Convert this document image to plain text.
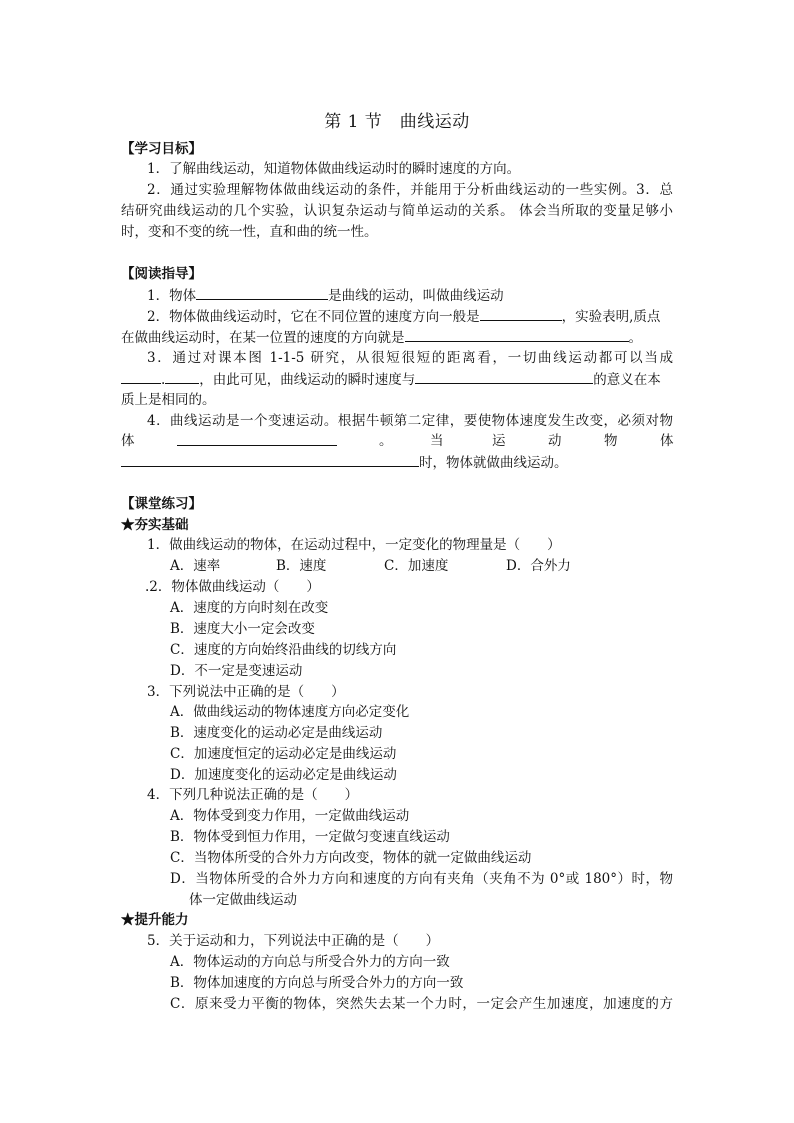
第 1 节　曲线运动
【学习目标】
1．了解曲线运动，知道物体做曲线运动时的瞬时速度的方向。
2．通过实验理解物体做曲线运动的条件，并能用于分析曲线运动的一些实例。3．总
结研究曲线运动的几个实验，认识复杂运动与简单运动的关系。 体会当所取的变量足够小
时，变和不变的统一性，直和曲的统一性。
【阅读指导】
1．物体	是曲线的运动，叫做曲线运动
2．物体做曲线运动时，它在不同位置的速度方向一般是	，实验表明,质点
在做曲线运动时，在某一位置的速度的方向就是	。
3．通过对课本图 1-1-5 研究，从很短很短的距离看，一切曲线运动都可以当成
.	，由此可见，曲线运动的瞬时速度与	的意义在本
质上是相同的。
4．曲线运动是一个变速运动。根据牛顿第二定律，要使物体速度发生改变，必须对物
体	。	当	运	动	物	体
时，物体就做曲线运动。
【课堂练习】
★夯实基础
1．做曲线运动的物体，在运动过程中，一定变化的物理量是（　　）
A．速率	B．速度	C．加速度	D．合外力
.2．物体做曲线运动（　　）
A．速度的方向时刻在改变
B．速度大小一定会改变
C．速度的方向始终沿曲线的切线方向
D．不一定是变速运动
3．下列说法中正确的是（　　）
A．做曲线运动的物体速度方向必定变化
B．速度变化的运动必定是曲线运动
C．加速度恒定的运动必定是曲线运动
D．加速度变化的运动必定是曲线运动
4．下列几种说法正确的是（　　）
A．物体受到变力作用，一定做曲线运动
B．物体受到恒力作用，一定做匀变速直线运动
C．当物体所受的合外力方向改变，物体的就一定做曲线运动
D．当物体所受的合外力方向和速度的方向有夹角（夹角不为 0°或 180°）时，物
体一定做曲线运动
★提升能力
5．关于运动和力，下列说法中正确的是（　　）
A．物体运动的方向总与所受合外力的方向一致
B．物体加速度的方向总与所受合外力的方向一致
C．原来受力平衡的物体，突然失去某一个力时，一定会产生加速度，加速度的方
